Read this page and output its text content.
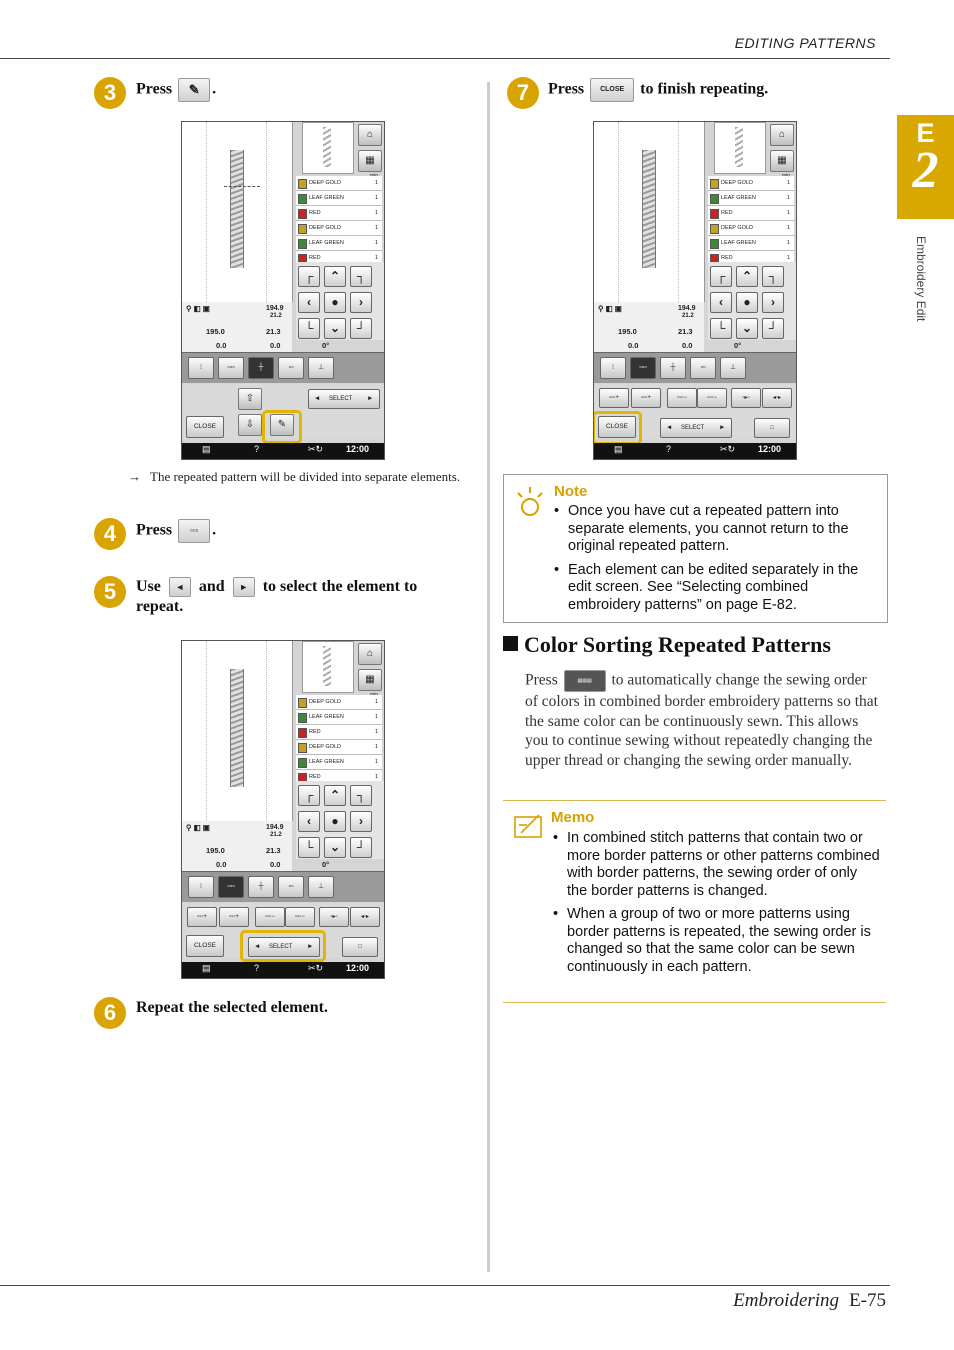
EDITING PATTERNS
Embroidering E-75
E
2
Embroidery Edit
3	Press ✎ .
⌂
▦
DEEP GOLD	1
LEAF GREEN	1
RED	1
DEEP GOLD	1
LEAF GREEN	1
RED	1
┌	⌃	┐
‹	●	›
└	⌄	┘
⚲ ◧ ▣	194.9
21.2
195.0	21.3
0.0	0.0	0°
⁝	▫▫▫	┼	▫▫	⊥
⇧
⇩	✎
◄ SELECT ►
CLOSE
▤	?	✂↻	12:00
→ The repeated pattern will be divided into separate elements.
4	Press ▫▫▫ .
5	Use ◄ and ► to select the element to repeat.
⌂
▦
DEEP GOLD	1
LEAF GREEN	1
RED	1
DEEP GOLD	1
LEAF GREEN	1
RED	1
┌	⌃	┐
‹	●	›
└	⌄	┘
⚲ ◧ ▣	194.9
21.2
195.0	21.3
0.0	0.0	0°
⁝	▫▫▫	┼	▫▫	⊥
▫▫▫+	▫▫▫+	▫▫▫−	▫▫▫−	▫▸▫	◂▫▸
CLOSE	◄ SELECT ►	□
▤	?	✂↻	12:00
6	Repeat the selected element.
7	Press CLOSE to finish repeating.
⌂
▦
DEEP GOLD	1
LEAF GREEN	1
RED	1
DEEP GOLD	1
LEAF GREEN	1
RED	1
┌	⌃	┐
‹	●	›
└	⌄	┘
⚲ ◧ ▣	194.9
21.2
195.0	21.3
0.0	0.0	0°
⁝	▫▫▫	┼	▫▫	⊥
▫▫▫+	▫▫▫+	▫▫▫−	▫▫▫−	▫▸▫	◂▫▸
CLOSE	◄ SELECT ►	□
▤	?	✂↻	12:00
Note
• Once you have cut a repeated pattern into separate elements, you cannot return to the original repeated pattern.
• Each element can be edited separately in the edit screen. See “Selecting combined embroidery patterns” on page E-82.
Color Sorting Repeated Patterns
Press	▤▤▤ to automatically change the sewing order of colors in combined border embroidery patterns so that the same color can be continuously sewn. This allows you to continue sewing without repeatedly changing the upper thread or changing the sewing order manually.
Memo
• In combined stitch patterns that contain two or more border patterns or other patterns combined with border patterns, the sewing order of only the border patterns is changed.
• When a group of two or more patterns using border patterns is repeated, the sewing order is changed so that the same color can be sewn continuously in each pattern.
